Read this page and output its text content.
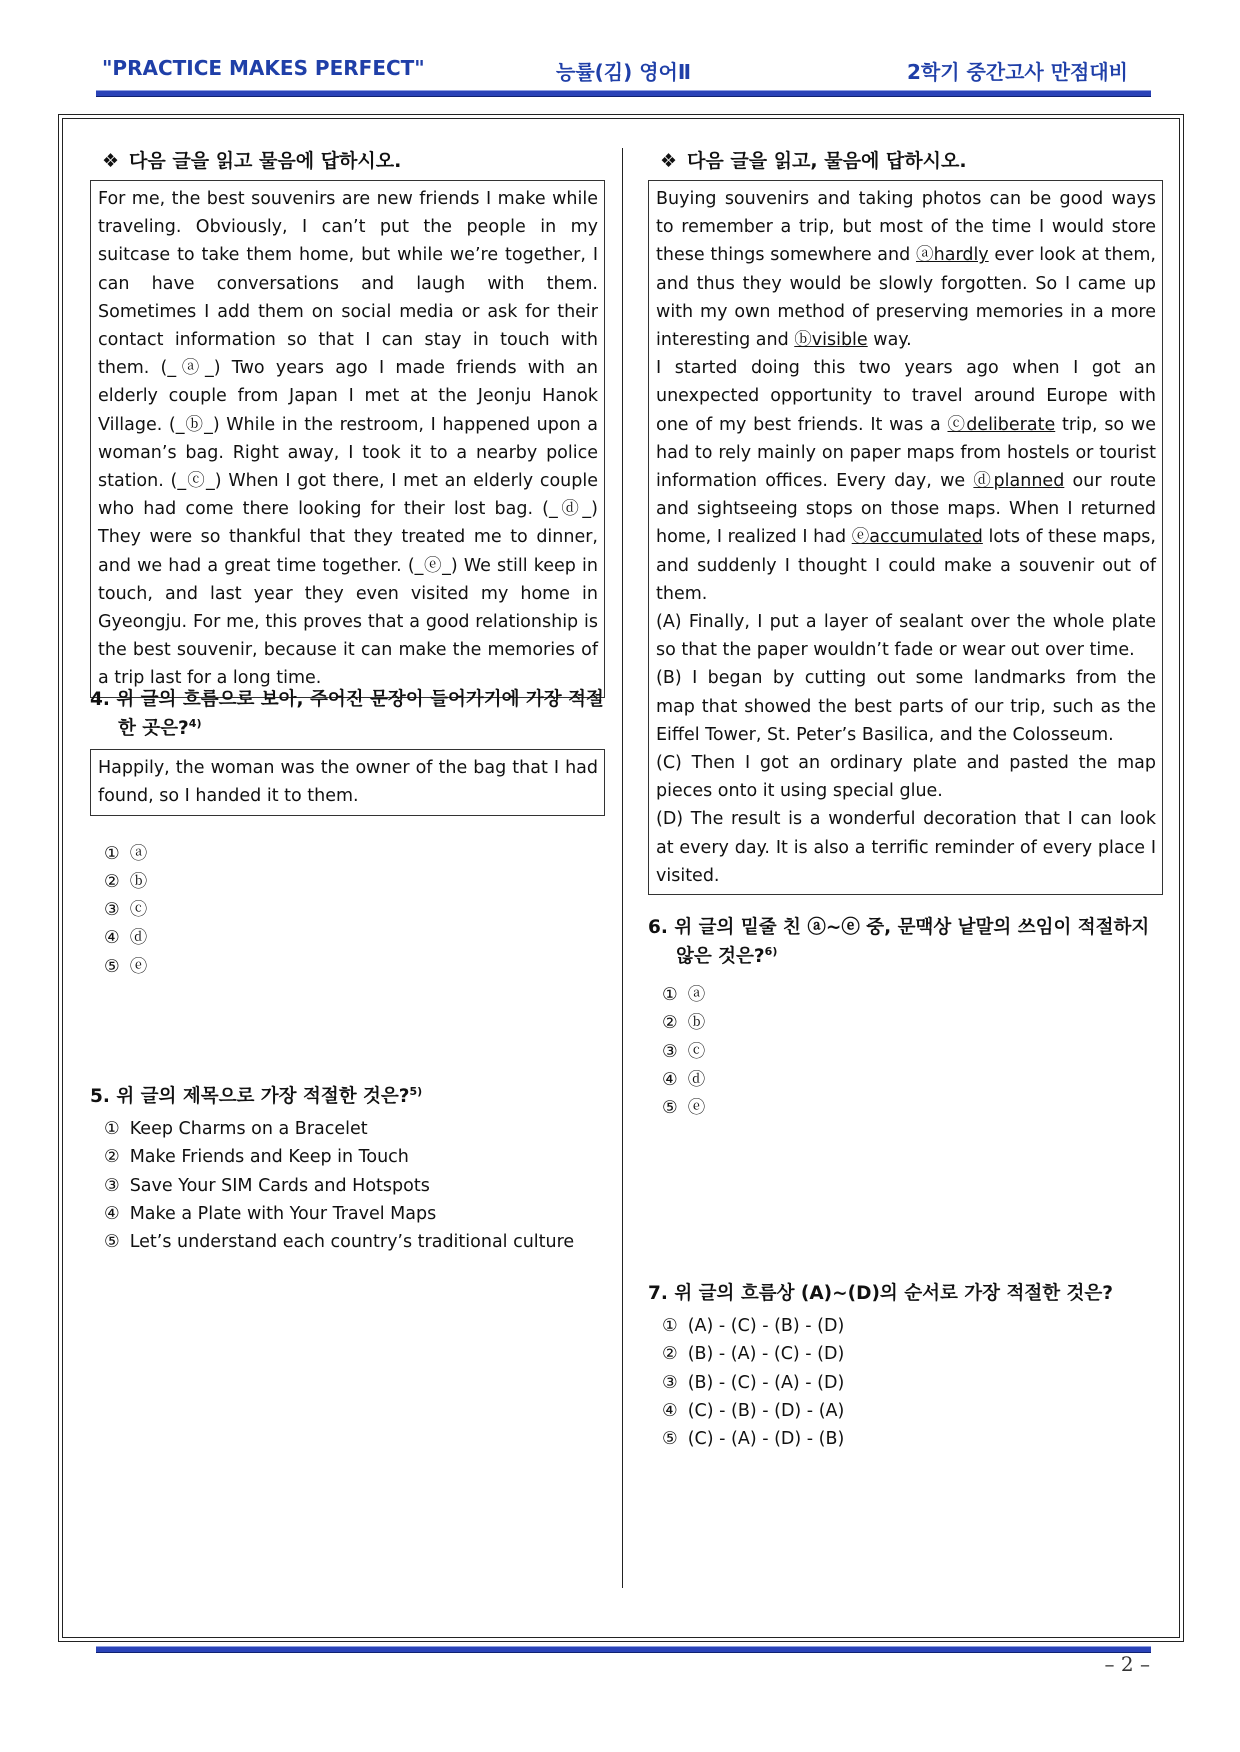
"PRACTICE MAKES PERFECT"	능률(김) 영어Ⅱ	2학기 중간고사 만점대비
❖ 다음 글을 읽고 물음에 답하시오.

For me, the best souvenirs are new friends I make while traveling. Obviously, I can’t put the people in my suitcase to take them home, but while we’re together, I can have conversations and laugh with them. Sometimes I add them on social media or ask for their contact information so that I can stay in touch with them. (_ⓐ_) Two years ago I made friends with an elderly couple from Japan I met at the Jeonju Hanok Village. (_ⓑ_) While in the restroom, I happened upon a woman’s bag. Right away, I took it to a nearby police station. (_ⓒ_) When I got there, I met an elderly couple who had come there looking for their lost bag. (_ⓓ_) They were so thankful that they treated me to dinner, and we had a great time together. (_ⓔ_) We still keep in touch, and last year they even visited my home in Gyeongju. For me, this proves that a good relationship is the best souvenir, because it can make the memories of a trip last for a long time.

4. 위 글의 흐름으로 보아, 주어진 문장이 들어가기에 가장 적절한 곳은?$^{4)}$

Happily, the woman was the owner of the bag that I had found, so I handed it to them.

① ⓐ
② ⓑ
③ ⓒ
④ ⓓ
⑤ ⓔ

5. 위 글의 제목으로 가장 적절한 것은?$^{5)}$

① Keep Charms on a Bracelet
② Make Friends and Keep in Touch
③ Save Your SIM Cards and Hotspots
④ Make a Plate with Your Travel Maps
⑤ Let’s understand each country’s traditional culture
❖ 다음 글을 읽고, 물음에 답하시오.

Buying souvenirs and taking photos can be good ways to remember a trip, but most of the time I would store these things somewhere and ⓐhardly ever look at them, and thus they would be slowly forgotten. So I came up with my own method of preserving memories in a more interesting and ⓑvisible way.

I started doing this two years ago when I got an unexpected opportunity to travel around Europe with one of my best friends. It was a ⓒdeliberate trip, so we had to rely mainly on paper maps from hostels or tourist information offices. Every day, we ⓓplanned our route and sightseeing stops on those maps. When I returned home, I realized I had ⓔaccumulated lots of these maps, and suddenly I thought I could make a souvenir out of them.

(A) Finally, I put a layer of sealant over the whole plate so that the paper wouldn’t fade or wear out over time.

(B) I began by cutting out some landmarks from the map that showed the best parts of our trip, such as the Eiffel Tower, St. Peter’s Basilica, and the Colosseum.

(C) Then I got an ordinary plate and pasted the map pieces onto it using special glue.

(D) The result is a wonderful decoration that I can look at every day. It is also a terrific reminder of every place I visited.

6. 위 글의 밑줄 친 ⓐ~ⓔ 중, 문맥상 낱말의 쓰임이 적절하지 않은 것은?$^{6)}$

① ⓐ
② ⓑ
③ ⓒ
④ ⓓ
⑤ ⓔ

7. 위 글의 흐름상 (A)~(D)의 순서로 가장 적절한 것은?

① (A) - (C) - (B) - (D)
② (B) - (A) - (C) - (D)
③ (B) - (C) - (A) - (D)
④ (C) - (B) - (D) - (A)
⑤ (C) - (A) - (D) - (B)
– 2 –
